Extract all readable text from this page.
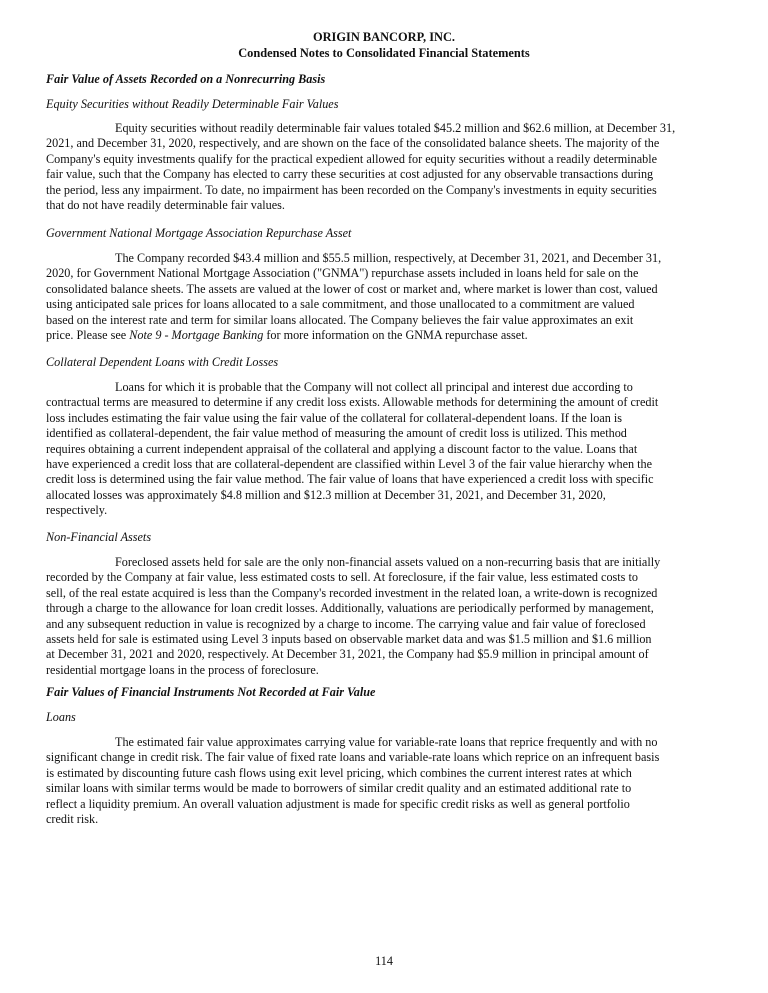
ORIGIN BANCORP, INC.
Condensed Notes to Consolidated Financial Statements
Fair Value of Assets Recorded on a Nonrecurring Basis
Equity Securities without Readily Determinable Fair Values
Equity securities without readily determinable fair values totaled $45.2 million and $62.6 million, at December 31,
2021, and December 31, 2020, respectively, and are shown on the face of the consolidated balance sheets. The majority of the
Company's equity investments qualify for the practical expedient allowed for equity securities without a readily determinable
fair value, such that the Company has elected to carry these securities at cost adjusted for any observable transactions during
the period, less any impairment. To date, no impairment has been recorded on the Company's investments in equity securities
that do not have readily determinable fair values.
Government National Mortgage Association Repurchase Asset
The Company recorded $43.4 million and $55.5 million, respectively, at December 31, 2021, and December 31,
2020, for Government National Mortgage Association ("GNMA") repurchase assets included in loans held for sale on the
consolidated balance sheets. The assets are valued at the lower of cost or market and, where market is lower than cost, valued
using anticipated sale prices for loans allocated to a sale commitment, and those unallocated to a commitment are valued
based on the interest rate and term for similar loans allocated. The Company believes the fair value approximates an exit
price. Please see Note 9 - Mortgage Banking for more information on the GNMA repurchase asset.
Collateral Dependent Loans with Credit Losses
Loans for which it is probable that the Company will not collect all principal and interest due according to
contractual terms are measured to determine if any credit loss exists. Allowable methods for determining the amount of credit
loss includes estimating the fair value using the fair value of the collateral for collateral-dependent loans. If the loan is
identified as collateral-dependent, the fair value method of measuring the amount of credit loss is utilized. This method
requires obtaining a current independent appraisal of the collateral and applying a discount factor to the value. Loans that
have experienced a credit loss that are collateral-dependent are classified within Level 3 of the fair value hierarchy when the
credit loss is determined using the fair value method. The fair value of loans that have experienced a credit loss with specific
allocated losses was approximately $4.8 million and $12.3 million at December 31, 2021, and December 31, 2020,
respectively.
Non-Financial Assets
Foreclosed assets held for sale are the only non-financial assets valued on a non-recurring basis that are initially
recorded by the Company at fair value, less estimated costs to sell. At foreclosure, if the fair value, less estimated costs to
sell, of the real estate acquired is less than the Company's recorded investment in the related loan, a write-down is recognized
through a charge to the allowance for loan credit losses. Additionally, valuations are periodically performed by management,
and any subsequent reduction in value is recognized by a charge to income. The carrying value and fair value of foreclosed
assets held for sale is estimated using Level 3 inputs based on observable market data and was $1.5 million and $1.6 million
at December 31, 2021 and 2020, respectively. At December 31, 2021, the Company had $5.9 million in principal amount of
residential mortgage loans in the process of foreclosure.
Fair Values of Financial Instruments Not Recorded at Fair Value
Loans
The estimated fair value approximates carrying value for variable-rate loans that reprice frequently and with no
significant change in credit risk. The fair value of fixed rate loans and variable-rate loans which reprice on an infrequent basis
is estimated by discounting future cash flows using exit level pricing, which combines the current interest rates at which
similar loans with similar terms would be made to borrowers of similar credit quality and an estimated additional rate to
reflect a liquidity premium. An overall valuation adjustment is made for specific credit risks as well as general portfolio
credit risk.
114
